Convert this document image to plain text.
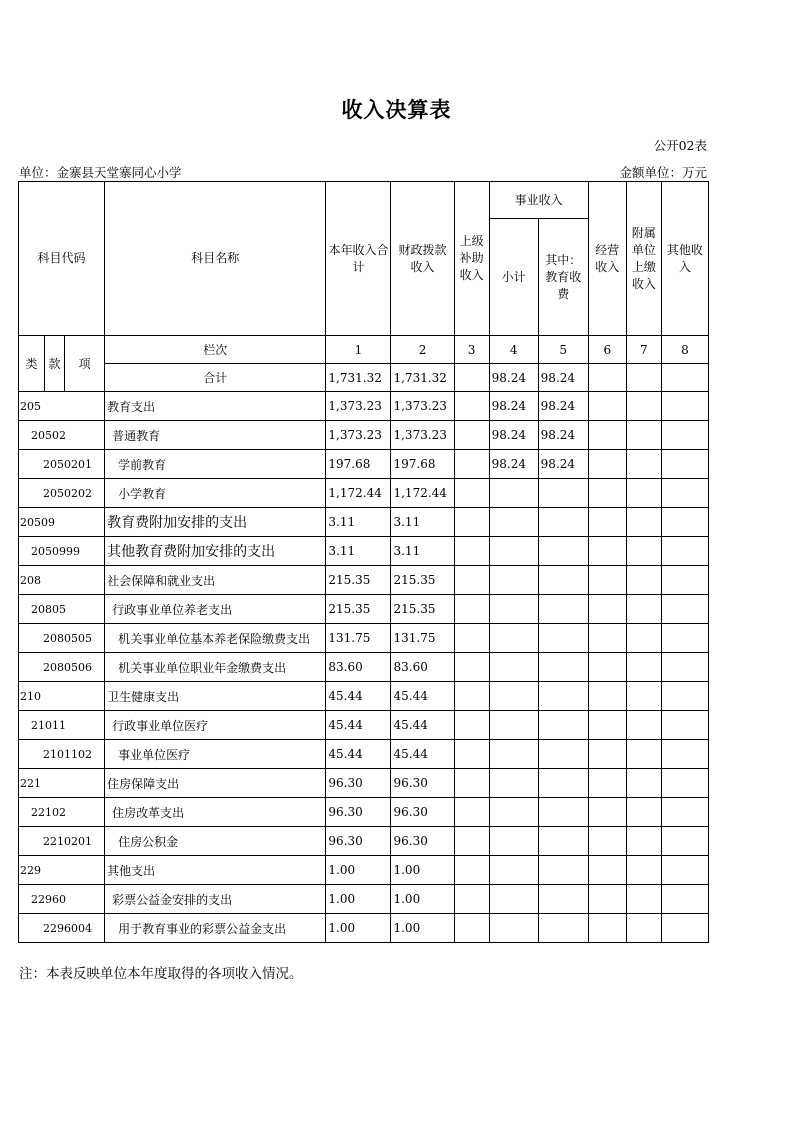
收入决算表
公开02表
单位：金寨县天堂寨同心小学	金额单位：万元
科目代码			科目名称	本年收入合计	财政拨款收入	上级补助收入	事业收入		经营收入	附属单位上缴收入	其他收入
							小计	其中：教育收费			
类	款	项	栏次	1	2	3	4	5	6	7	8
			合计	1,731.32	1,731.32		98.24	98.24			
205			教育支出	1,373.23	1,373.23		98.24	98.24			
20502			普通教育	1,373.23	1,373.23		98.24	98.24			
2050201			学前教育	197.68	197.68		98.24	98.24			
2050202			小学教育	1,172.44	1,172.44						
20509			教育费附加安排的支出	3.11	3.11						
2050999			其他教育费附加安排的支出	3.11	3.11						
208			社会保障和就业支出	215.35	215.35						
20805			行政事业单位养老支出	215.35	215.35						
2080505			机关事业单位基本养老保险缴费支出	131.75	131.75						
2080506			机关事业单位职业年金缴费支出	83.60	83.60						
210			卫生健康支出	45.44	45.44						
21011			行政事业单位医疗	45.44	45.44						
2101102			事业单位医疗	45.44	45.44						
221			住房保障支出	96.30	96.30						
22102			住房改革支出	96.30	96.30						
2210201			住房公积金	96.30	96.30						
229			其他支出	1.00	1.00						
22960			彩票公益金安排的支出	1.00	1.00						
2296004			用于教育事业的彩票公益金支出	1.00	1.00						
注：本表反映单位本年度取得的各项收入情况。
